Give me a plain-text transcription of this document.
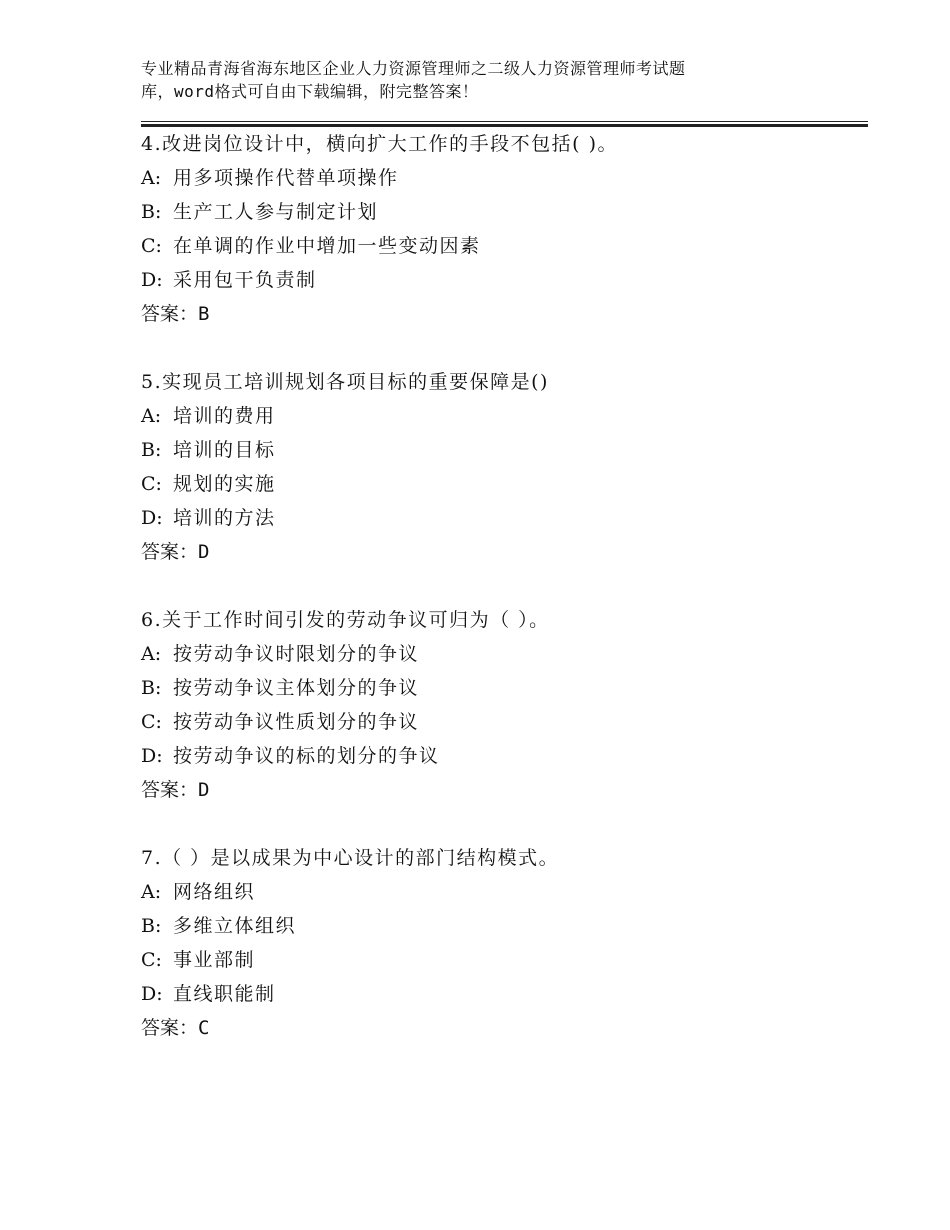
专业精品青海省海东地区企业人力资源管理师之二级人力资源管理师考试题
库，word格式可自由下载编辑，附完整答案！
4.改进岗位设计中，横向扩大工作的手段不包括( )。
A: 用多项操作代替单项操作
B: 生产工人参与制定计划
C: 在单调的作业中增加一些变动因素
D: 采用包干负责制
答案：B
5.实现员工培训规划各项目标的重要保障是()
A: 培训的费用
B: 培训的目标
C: 规划的实施
D: 培训的方法
答案：D
6.关于工作时间引发的劳动争议可归为（ ）。
A: 按劳动争议时限划分的争议
B: 按劳动争议主体划分的争议
C: 按劳动争议性质划分的争议
D: 按劳动争议的标的划分的争议
答案：D
7.（ ）是以成果为中心设计的部门结构模式。
A: 网络组织
B: 多维立体组织
C: 事业部制
D: 直线职能制
答案：C
